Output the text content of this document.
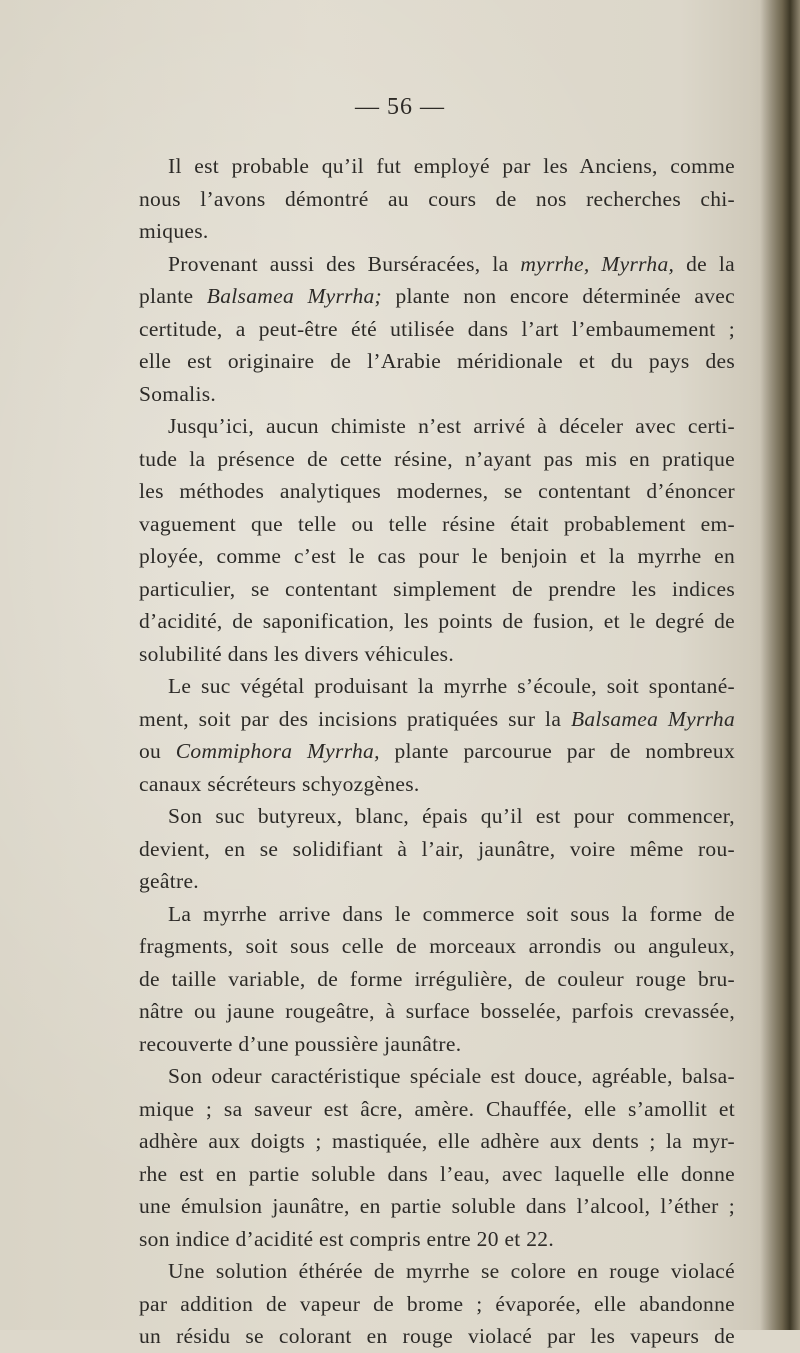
— 56 —
Il est probable qu’il fut employé par les Anciens, comme
nous l’avons démontré au cours de nos recherches chi-
miques.
Provenant aussi des Burséracées, la myrrhe, Myrrha, de la
plante Balsamea Myrrha; plante non encore déterminée avec
certitude, a peut-être été utilisée dans l’art l’embaumement ;
elle est originaire de l’Arabie méridionale et du pays des
Somalis.
Jusqu’ici, aucun chimiste n’est arrivé à déceler avec certi-
tude la présence de cette résine, n’ayant pas mis en pratique
les méthodes analytiques modernes, se contentant d’énoncer
vaguement que telle ou telle résine était probablement em-
ployée, comme c’est le cas pour le benjoin et la myrrhe en
particulier, se contentant simplement de prendre les indices
d’acidité, de saponification, les points de fusion, et le degré de
solubilité dans les divers véhicules.
Le suc végétal produisant la myrrhe s’écoule, soit spontané-
ment, soit par des incisions pratiquées sur la Balsamea Myrrha
ou Commiphora Myrrha, plante parcourue par de nombreux
canaux sécréteurs schyozgènes.
Son suc butyreux, blanc, épais qu’il est pour commencer,
devient, en se solidifiant à l’air, jaunâtre, voire même rou-
geâtre.
La myrrhe arrive dans le commerce soit sous la forme de
fragments, soit sous celle de morceaux arrondis ou anguleux,
de taille variable, de forme irrégulière, de couleur rouge bru-
nâtre ou jaune rougeâtre, à surface bosselée, parfois crevassée,
recouverte d’une poussière jaunâtre.
Son odeur caractéristique spéciale est douce, agréable, balsa-
mique ; sa saveur est âcre, amère. Chauffée, elle s’amollit et
adhère aux doigts ; mastiquée, elle adhère aux dents ; la myr-
rhe est en partie soluble dans l’eau, avec laquelle elle donne
une émulsion jaunâtre, en partie soluble dans l’alcool, l’éther ;
son indice d’acidité est compris entre 20 et 22.
Une solution éthérée de myrrhe se colore en rouge violacé
par addition de vapeur de brome ; évaporée, elle abandonne
un résidu se colorant en rouge violacé par les vapeurs de
